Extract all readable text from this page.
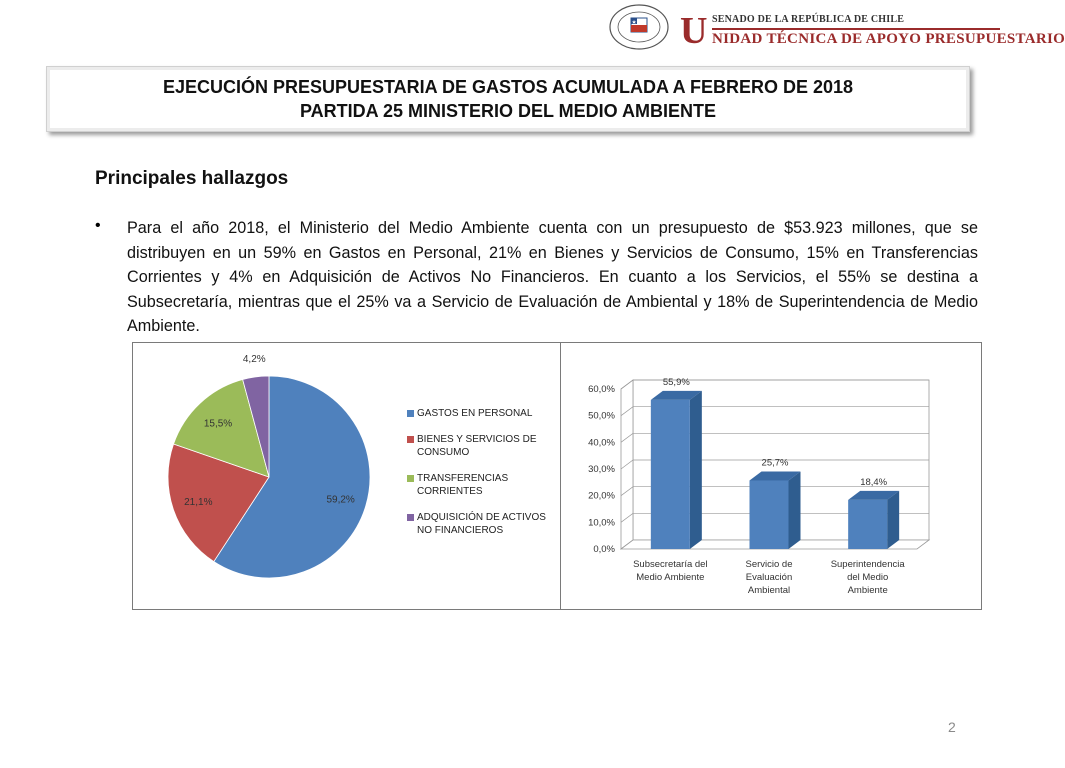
U SENADO DE LA REPÚBLICA DE CHILE
NIDAD TÉCNICA DE APOYO PRESUPUESTARIO
EJECUCIÓN PRESUPUESTARIA DE GASTOS ACUMULADA A FEBRERO DE 2018
PARTIDA 25 MINISTERIO DEL MEDIO AMBIENTE
Principales hallazgos
• Para el año 2018, el Ministerio del Medio Ambiente cuenta con un presupuesto de $53.923 millones, que se distribuyen en un 59% en Gastos en Personal, 21% en Bienes y Servicios de Consumo, 15% en Transferencias Corrientes y 4% en Adquisición de Activos No Financieros. En cuanto a los Servicios, el 55% se destina a Subsecretaría, mientras que el 25% va a Servicio de Evaluación de Ambiental y 18% de Superintendencia de Medio Ambiente.
59,2%
21,1%
15,5%
4,2%
GASTOS EN PERSONAL
BIENES Y SERVICIOS DE CONSUMO
TRANSFERENCIAS CORRIENTES
ADQUISICIÓN DE ACTIVOS NO FINANCIEROS
0,0%
10,0%
20,0%
30,0%
40,0%
50,0%
60,0%
55,9%
Subsecretaría del Medio Ambiente
25,7%
Servicio de Evaluación Ambiental
18,4%
Superintendencia del Medio Ambiente
2
